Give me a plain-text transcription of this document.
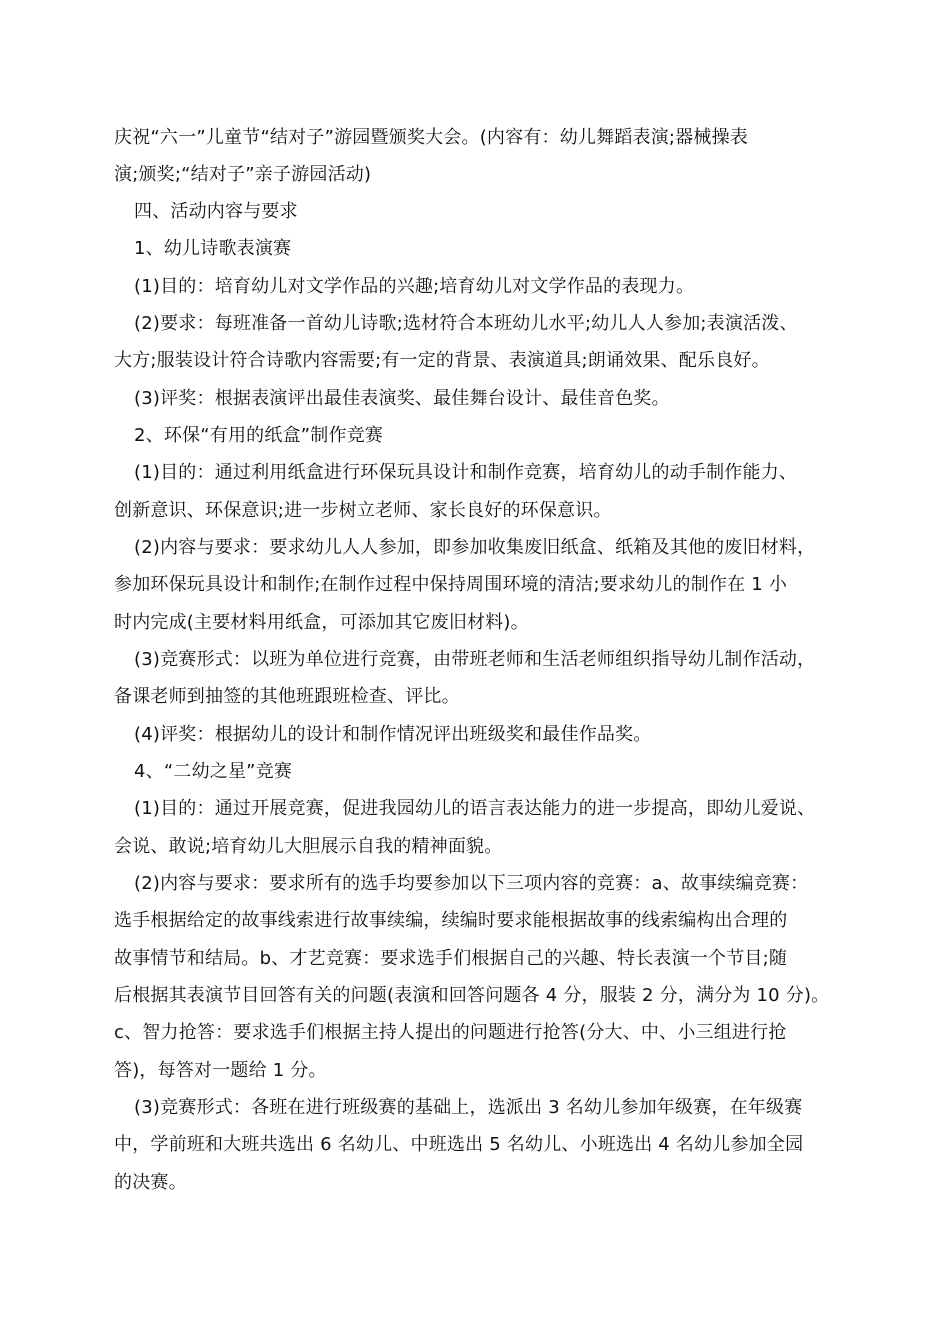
庆祝“六一”儿童节“结对子”游园暨颁奖大会。(内容有：幼儿舞蹈表演;器械操表
演;颁奖;“结对子”亲子游园活动)
四、活动内容与要求
1、幼儿诗歌表演赛
(1)目的：培育幼儿对文学作品的兴趣;培育幼儿对文学作品的表现力。
(2)要求：每班准备一首幼儿诗歌;选材符合本班幼儿水平;幼儿人人参加;表演活泼、
大方;服装设计符合诗歌内容需要;有一定的背景、表演道具;朗诵效果、配乐良好。
(3)评奖：根据表演评出最佳表演奖、最佳舞台设计、最佳音色奖。
2、环保“有用的纸盒”制作竞赛
(1)目的：通过利用纸盒进行环保玩具设计和制作竞赛，培育幼儿的动手制作能力、
创新意识、环保意识;进一步树立老师、家长良好的环保意识。
(2)内容与要求：要求幼儿人人参加，即参加收集废旧纸盒、纸箱及其他的废旧材料，
参加环保玩具设计和制作;在制作过程中保持周围环境的清洁;要求幼儿的制作在 1 小
时内完成(主要材料用纸盒，可添加其它废旧材料)。
(3)竞赛形式：以班为单位进行竞赛，由带班老师和生活老师组织指导幼儿制作活动，
备课老师到抽签的其他班跟班检查、评比。
(4)评奖：根据幼儿的设计和制作情况评出班级奖和最佳作品奖。
4、“二幼之星”竞赛
(1)目的：通过开展竞赛，促进我园幼儿的语言表达能力的进一步提高，即幼儿爱说、
会说、敢说;培育幼儿大胆展示自我的精神面貌。
(2)内容与要求：要求所有的选手均要参加以下三项内容的竞赛：a、故事续编竞赛：
选手根据给定的故事线索进行故事续编，续编时要求能根据故事的线索编构出合理的
故事情节和结局。b、才艺竞赛：要求选手们根据自己的兴趣、特长表演一个节目;随
后根据其表演节目回答有关的问题(表演和回答问题各 4 分，服装 2 分，满分为 10 分)。
c、智力抢答：要求选手们根据主持人提出的问题进行抢答(分大、中、小三组进行抢
答)，每答对一题给 1 分。
(3)竞赛形式：各班在进行班级赛的基础上，选派出 3 名幼儿参加年级赛，在年级赛
中，学前班和大班共选出 6 名幼儿、中班选出 5 名幼儿、小班选出 4 名幼儿参加全园
的决赛。
